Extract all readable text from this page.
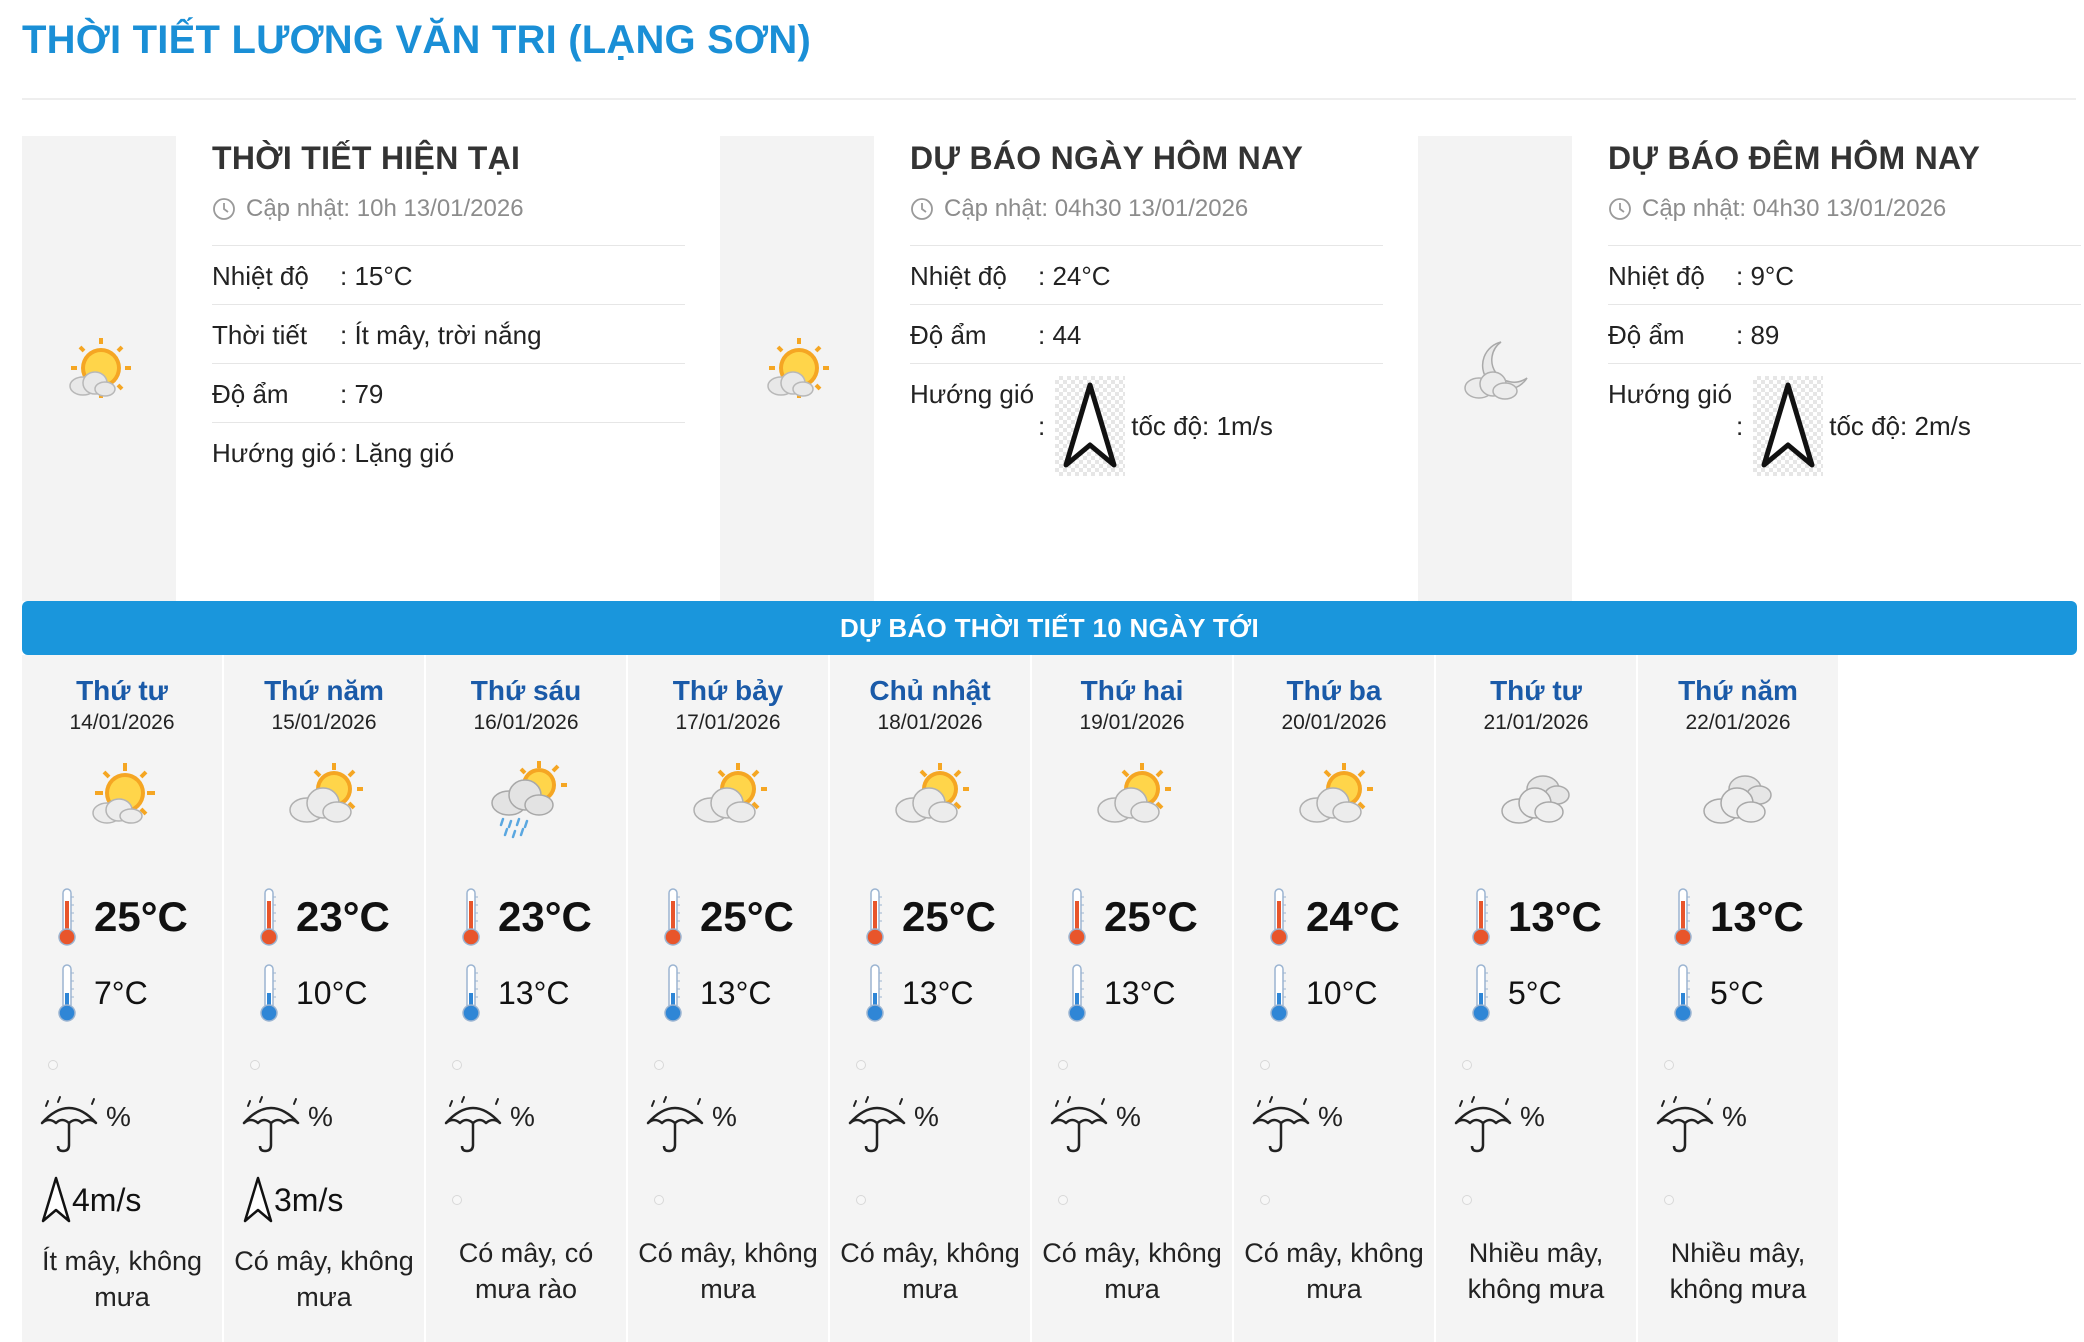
THỜI TIẾT LƯƠNG VĂN TRI (LẠNG SƠN)
THỜI TIẾT HIỆN TẠI
Cập nhật: 10h 13/01/2026
Nhiệt độ	: 15°C
Thời tiết	: Ít mây, trời nắng
Độ ẩm	: 79
Hướng gió : Lặng gió
DỰ BÁO NGÀY HÔM NAY
Cập nhật: 04h30 13/01/2026
Nhiệt độ	: 24°C
Độ ẩm	: 44
Hướng gió
:	tốc độ: 1m/s
DỰ BÁO ĐÊM HÔM NAY
Cập nhật: 04h30 13/01/2026
Nhiệt độ	: 9°C
Độ ẩm	: 89
Hướng gió
:	tốc độ: 2m/s
DỰ BÁO THỜI TIẾT 10 NGÀY TỚI
Thứ tư
14/01/2026
25°C
7°C
%
4m/s
Ít mây, không mưa
Thứ năm
15/01/2026
23°C
10°C
%
3m/s
Có mây, không mưa
Thứ sáu
16/01/2026
23°C
13°C
%
Có mây, có mưa rào
Thứ bảy
17/01/2026
25°C
13°C
%
Có mây, không mưa
Chủ nhật
18/01/2026
25°C
13°C
%
Có mây, không mưa
Thứ hai
19/01/2026
25°C
13°C
%
Có mây, không mưa
Thứ ba
20/01/2026
24°C
10°C
%
Có mây, không mưa
Thứ tư
21/01/2026
13°C
5°C
%
Nhiều mây, không mưa
Thứ năm
22/01/2026
13°C
5°C
%
Nhiều mây, không mưa
